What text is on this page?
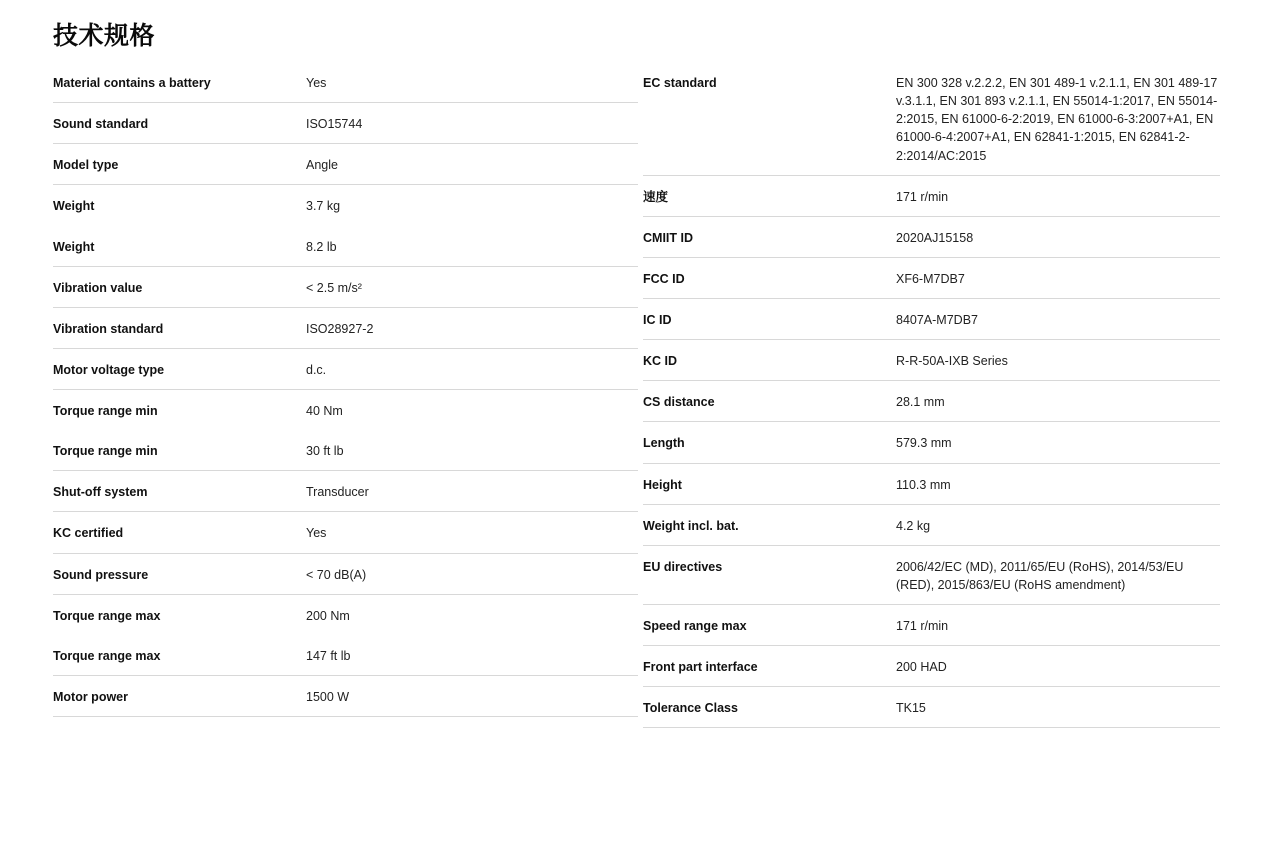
技术规格
Material contains a battery	Yes
Sound standard	ISO15744
Model type	Angle
Weight	3.7 kg
Weight	8.2 lb
Vibration value	< 2.5 m/s²
Vibration standard	ISO28927-2
Motor voltage type	d.c.
Torque range min	40 Nm
Torque range min	30 ft lb
Shut-off system	Transducer
KC certified	Yes
Sound pressure	< 70 dB(A)
Torque range max	200 Nm
Torque range max	147 ft lb
Motor power	1500 W
EC standard	EN 300 328 v.2.2.2, EN 301 489-1 v.2.1.1, EN 301 489-17 v.3.1.1, EN 301 893 v.2.1.1, EN 55014-1:2017, EN 55014-2:2015, EN 61000-6-2:2019, EN 61000-6-3:2007+A1, EN 61000-6-4:2007+A1, EN 62841-1:2015, EN 62841-2-2:2014/AC:2015
速度	171 r/min
CMIIT ID	2020AJ15158
FCC ID	XF6-M7DB7
IC ID	8407A-M7DB7
KC ID	R-R-50A-IXB Series
CS distance	28.1 mm
Length	579.3 mm
Height	110.3 mm
Weight incl. bat.	4.2 kg
EU directives	2006/42/EC (MD), 2011/65/EU (RoHS), 2014/53/EU (RED), 2015/863/EU (RoHS amendment)
Speed range max	171 r/min
Front part interface	200 HAD
Tolerance Class	TK15
